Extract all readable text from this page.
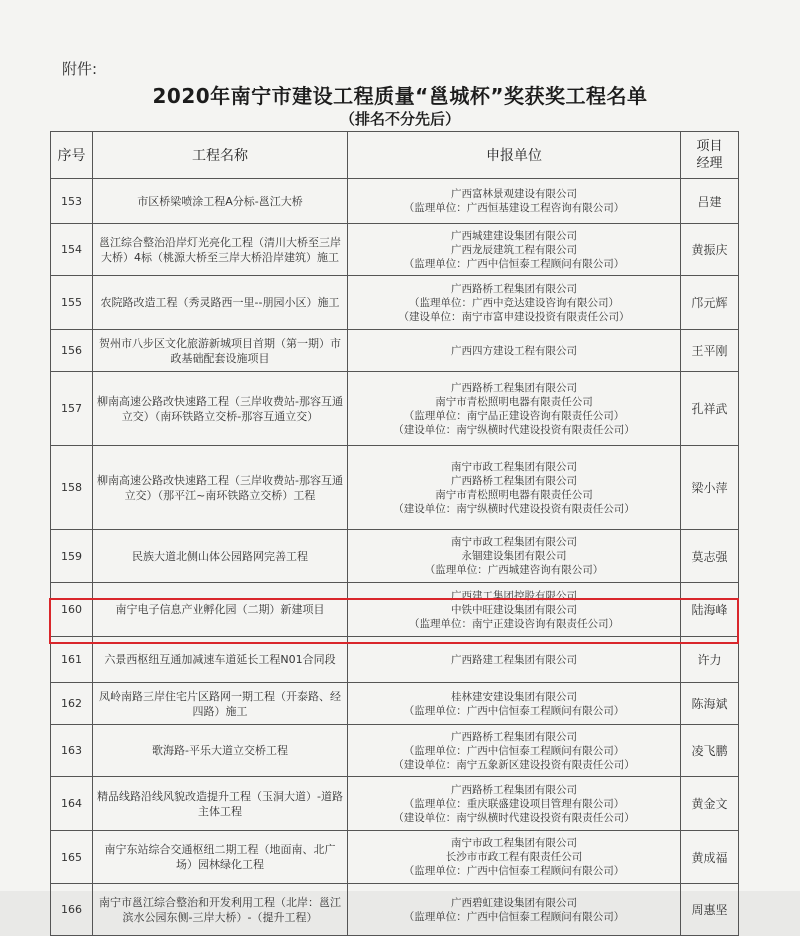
附件:
2020年南宁市建设工程质量“邕城杯”奖获奖工程名单
（排名不分先后）
序号	工程名称	申报单位	项目
经理

153	市区桥梁喷涂工程A分标-邕江大桥	广西富林景观建设有限公司
（监理单位：广西恒基建设工程咨询有限公司）	吕建
154	邕江综合整治沿岸灯光亮化工程（清川大桥至三岸大桥）4标（桃源大桥至三岸大桥沿岸建筑）施工	广西城建建设集团有限公司
广西龙辰建筑工程有限公司
（监理单位：广西中信恒泰工程顾问有限公司）	黄振庆
155	农院路改造工程（秀灵路西一里--朋园小区）施工	广西路桥工程集团有限公司
（监理单位：广西中竞达建设咨询有限公司）
（建设单位：南宁市富申建设投资有限责任公司）	邝元辉
156	贺州市八步区文化旅游新城项目首期（第一期）市政基础配套设施项目	广西四方建设工程有限公司	王平刚
157	柳南高速公路改快速路工程（三岸收费站-那容互通立交）（南环铁路立交桥-那容互通立交）	广西路桥工程集团有限公司
南宁市青松照明电器有限责任公司
（监理单位：南宁品正建设咨询有限责任公司）
（建设单位：南宁纵横时代建设投资有限责任公司）	孔祥武
158	柳南高速公路改快速路工程（三岸收费站-那容互通立交）（那平江~南环铁路立交桥）工程	南宁市政工程集团有限公司
广西路桥工程集团有限公司
南宁市青松照明电器有限责任公司
（建设单位：南宁纵横时代建设投资有限责任公司）	梁小萍
159	民族大道北侧山体公园路网完善工程	南宁市政工程集团有限公司
永锢建设集团有限公司
（监理单位：广西城建咨询有限公司）	莫志强
160	南宁电子信息产业孵化园（二期）新建项目	广西建工集团控股有限公司
中铁中旺建设集团有限公司
（监理单位：南宁正建设咨询有限责任公司）	陆海峰
161	六景西枢纽互通加减速车道延长工程N01合同段	广西路建工程集团有限公司	许力
162	凤岭南路三岸住宅片区路网一期工程（开泰路、经四路）施工	桂林建安建设集团有限公司
（监理单位：广西中信恒泰工程顾问有限公司）	陈海斌
163	歌海路-平乐大道立交桥工程	广西路桥工程集团有限公司
（监理单位：广西中信恒泰工程顾问有限公司）
（建设单位：南宁五象新区建设投资有限责任公司）	凌飞鹏
164	精品线路沿线风貌改造提升工程（玉洞大道）-道路主体工程	广西路桥工程集团有限公司
（监理单位：重庆联盛建设项目管理有限公司）
（建设单位：南宁纵横时代建设投资有限责任公司）	黄金文
165	南宁东站综合交通枢纽二期工程（地面南、北广场）园林绿化工程	南宁市政工程集团有限公司
长沙市市政工程有限责任公司
（监理单位：广西中信恒泰工程顾问有限公司）	黄成福
166	南宁市邕江综合整治和开发利用工程（北岸：邕江滨水公园东侧-三岸大桥）-（提升工程）	广西碧虹建设集团有限公司
（监理单位：广西中信恒泰工程顾问有限公司）	周惠坚
